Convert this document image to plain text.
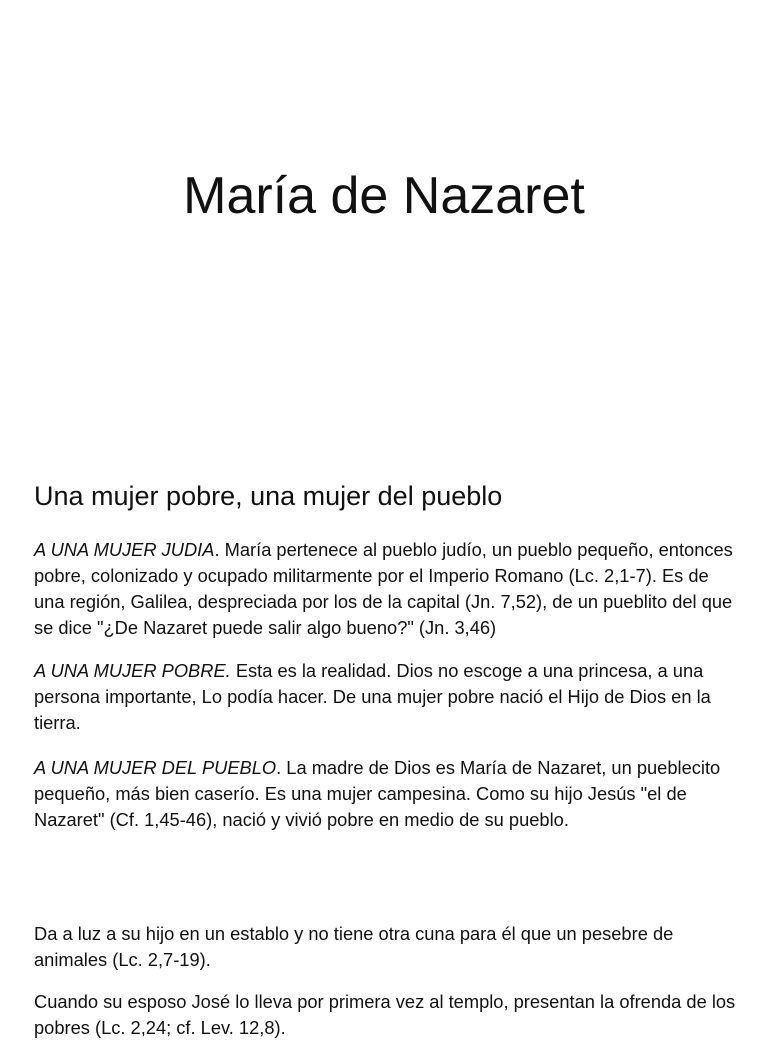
María de Nazaret
Una mujer pobre, una mujer del pueblo

A UNA MUJER JUDIA. María pertenece al pueblo judío, un pueblo pequeño, entonces pobre, colonizado y ocupado militarmente por el Imperio Romano (Lc. 2,1-7). Es de una región, Galilea, despreciada por los de la capital (Jn. 7,52), de un pueblito del que se dice "¿De Nazaret puede salir algo bueno?" (Jn. 3,46)

A UNA MUJER POBRE. Esta es la realidad. Dios no escoge a una princesa, a una persona importante, Lo podía hacer. De una mujer pobre nació el Hijo de Dios en la tierra.

A UNA MUJER DEL PUEBLO. La madre de Dios es María de Nazaret, un pueblecito pequeño, más bien caserío. Es una mujer campesina. Como su hijo Jesús "el de Nazaret" (Cf. 1,45-46), nació y vivió pobre en medio de su pueblo.

Da a luz a su hijo en un establo y no tiene otra cuna para él que un pesebre de animales (Lc. 2,7-19).

Cuando su esposo José lo lleva por primera vez al templo, presentan la ofrenda de los pobres (Lc. 2,24; cf. Lev. 12,8).
